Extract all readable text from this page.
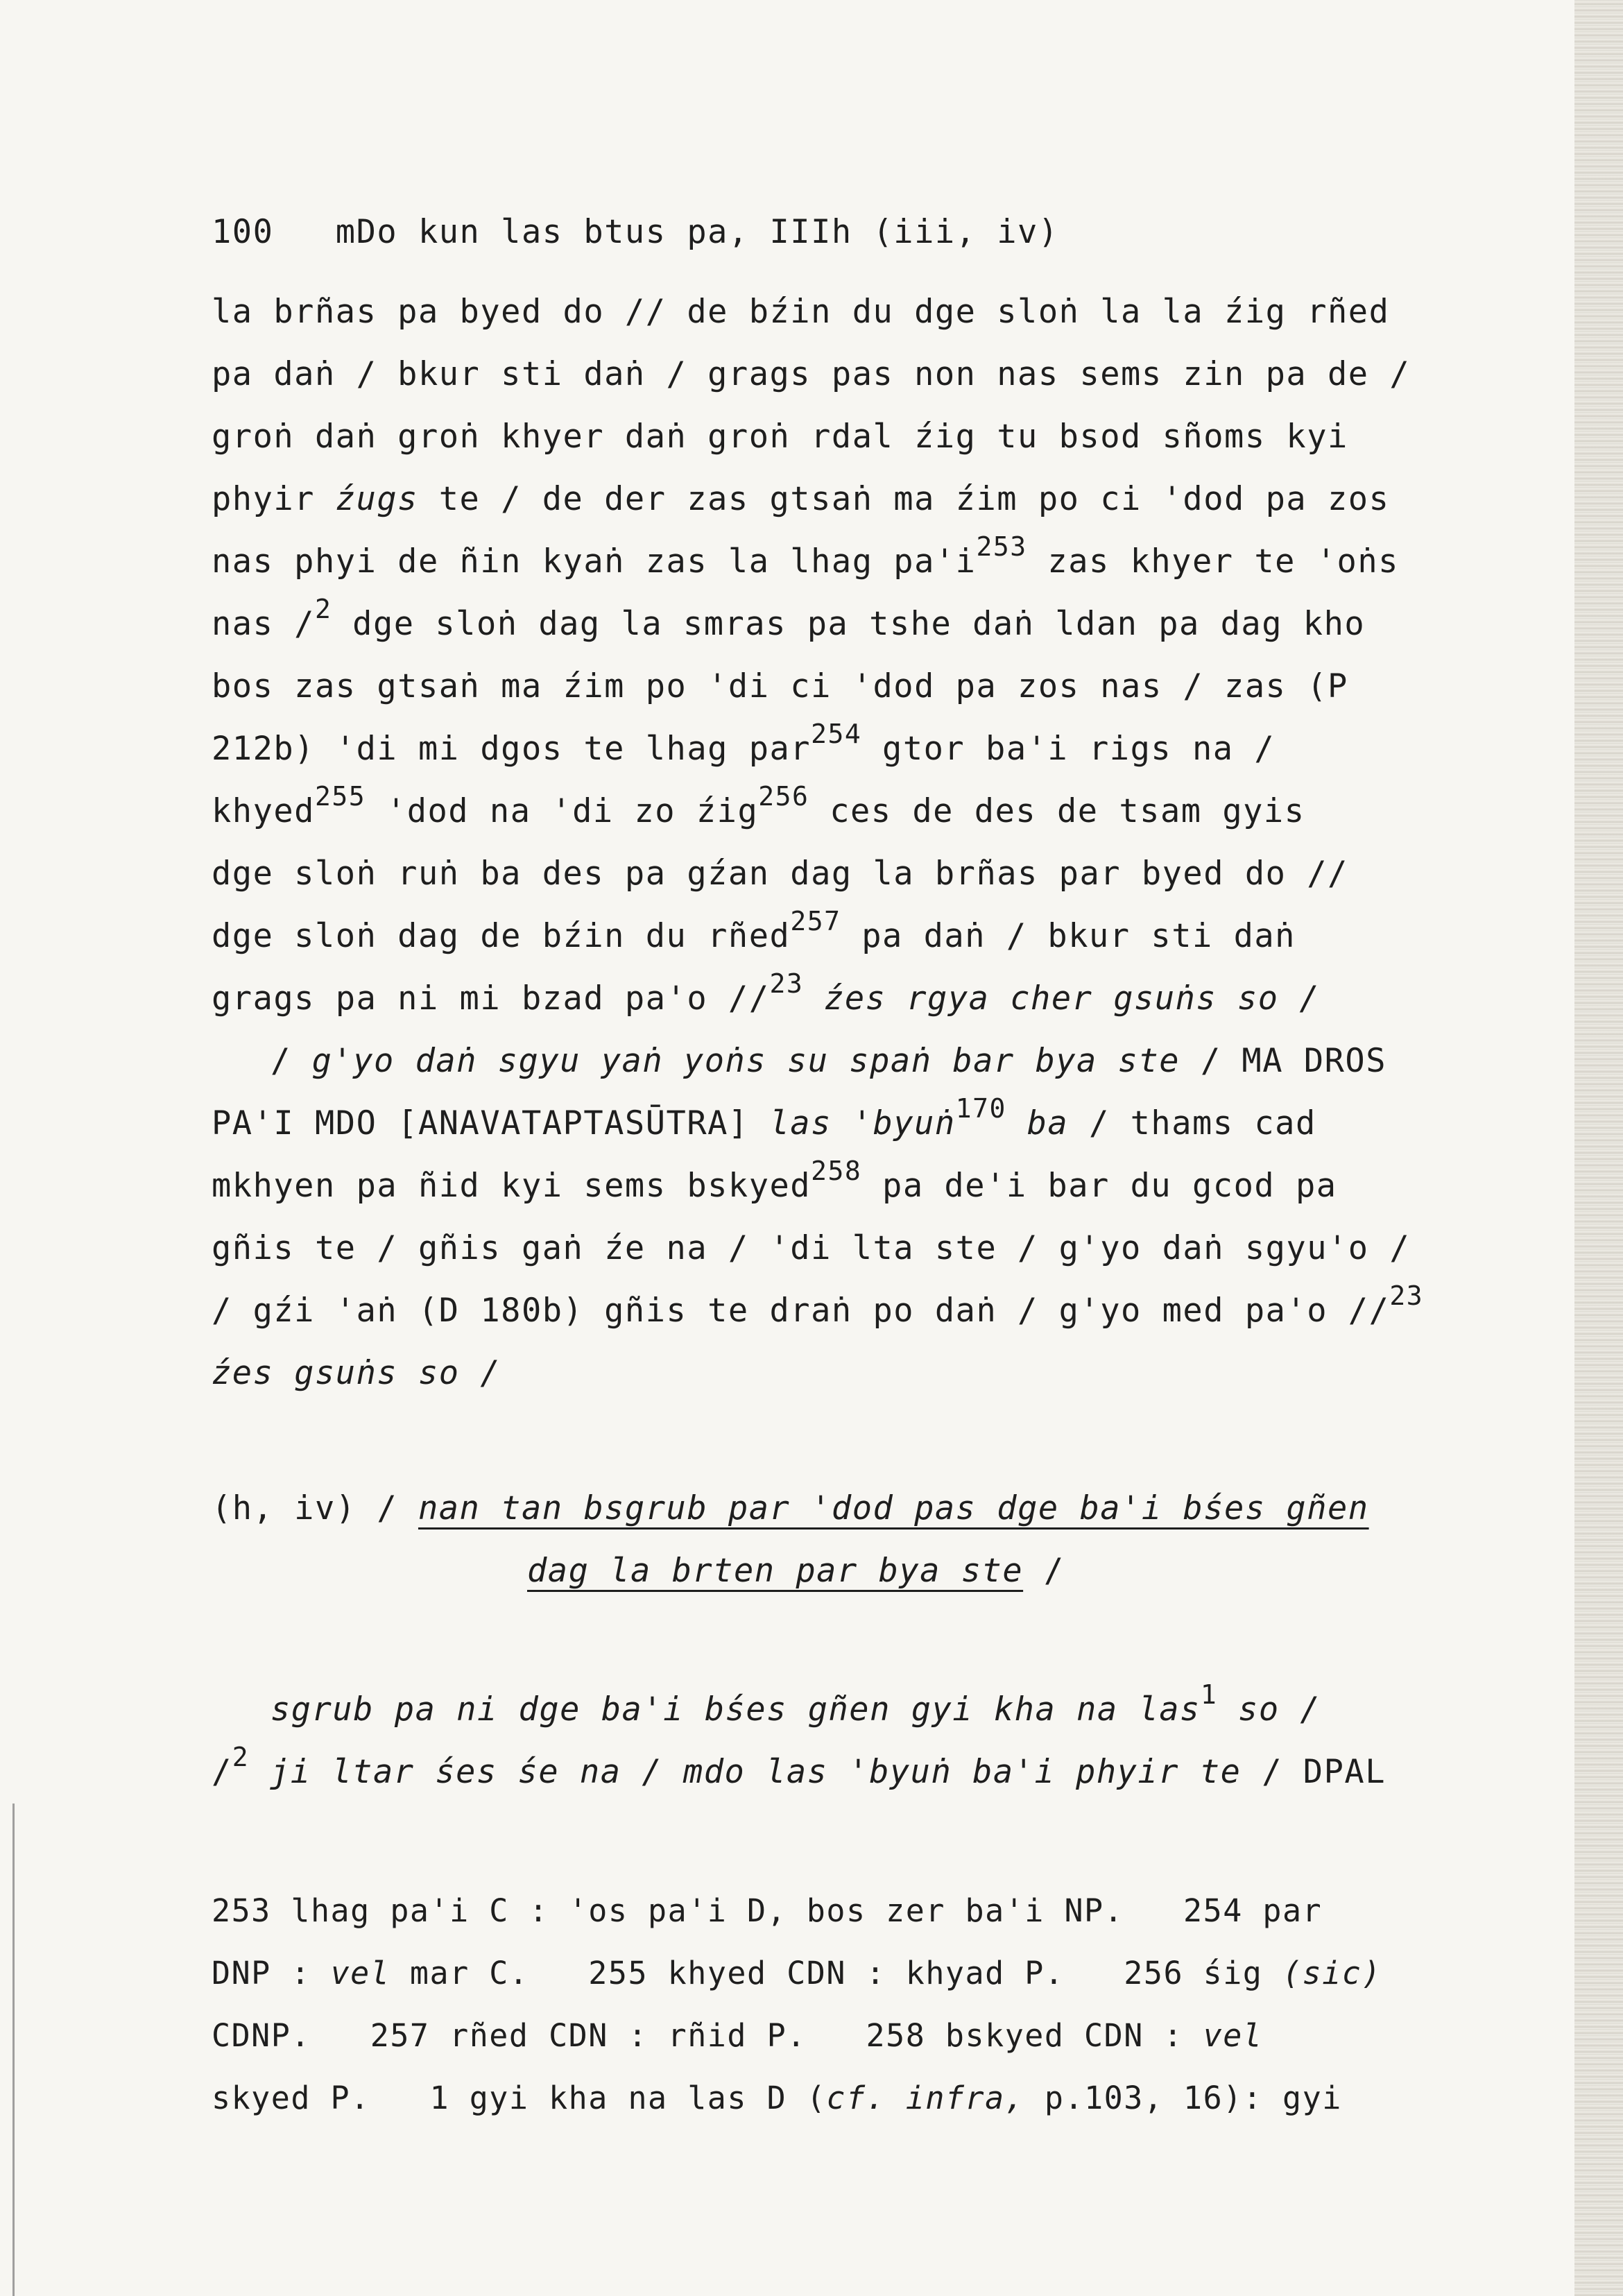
100 mDo kun las btus pa, IIIh (iii, iv)

la brñas pa byed do // de bźin du dge sloṅ la la źig rñed

pa daṅ / bkur sti daṅ / grags pas non nas sems zin pa de /

groṅ daṅ groṅ khyer daṅ groṅ rdal źig tu bsod sñoms kyi

phyir źugs te / de der zas gtsaṅ ma źim po ci 'dod pa zos

nas phyi de ñin kyaṅ zas la lhag $pa'i^{253}$ zas khyer te 'oṅs

nas /$^2$ dge sloṅ dag la smras pa tshe daṅ ldan pa dag kho

bos zas gtsaṅ ma źim po 'di ci 'dod pa zos nas / zas (P

212b) 'di mi dgos te lhag par$^{254}$ gtor ba'i rigs na /

khyed$^{255}$ 'dod na 'di zo źig$^{256}$ ces de des de tsam gyis

dge sloṅ ruṅ ba des pa gźan dag la brñas par byed do //

dge sloṅ dag de bźin du rñed$^{257}$ pa daṅ / bkur sti daṅ

grags pa ni mi bzad pa'o //$^{23}$ źes rgya cher gsuṅs so /

/ g'yo daṅ sgyu yaṅ yoṅs su spaṅ bar bya ste / MA DROS

PA'I MDO [ANAVATAPTASŪTRA] las 'byuṅ$^{170}$ ba / thams cad

mkhyen pa ñid kyi sems bskyed$^{258}$ pa de'i bar du gcod pa

gñis te / gñis gaṅ źe na / 'di lta ste / g'yo daṅ sgyu'o /

/ gźi 'aṅ (D 180b) gñis te draṅ po daṅ / g'yo med pa'o //$^{23}$

źes gsuṅs so /

(h, iv) / nan tan bsgrub par 'dod pas dge ba'i bśes gñen

dag la brten par bya ste /

sgrub pa ni dge ba'i bśes gñen gyi kha na las$^1$ so /

/$^2$ ji ltar śes śe na / mdo las 'byuṅ ba'i phyir te / DPAL

253 lhag pa'i C : 'os pa'i D, bos zer ba'i NP.   254 par

DNP : vel mar C.   255 khyed CDN : khyad P.   256 śig (sic)

CDNP.   257 rñed CDN : rñid P.   258 bskyed CDN : vel

skyed P.   1 gyi kha na las D (cf. infra, p.103, 16): gyi
